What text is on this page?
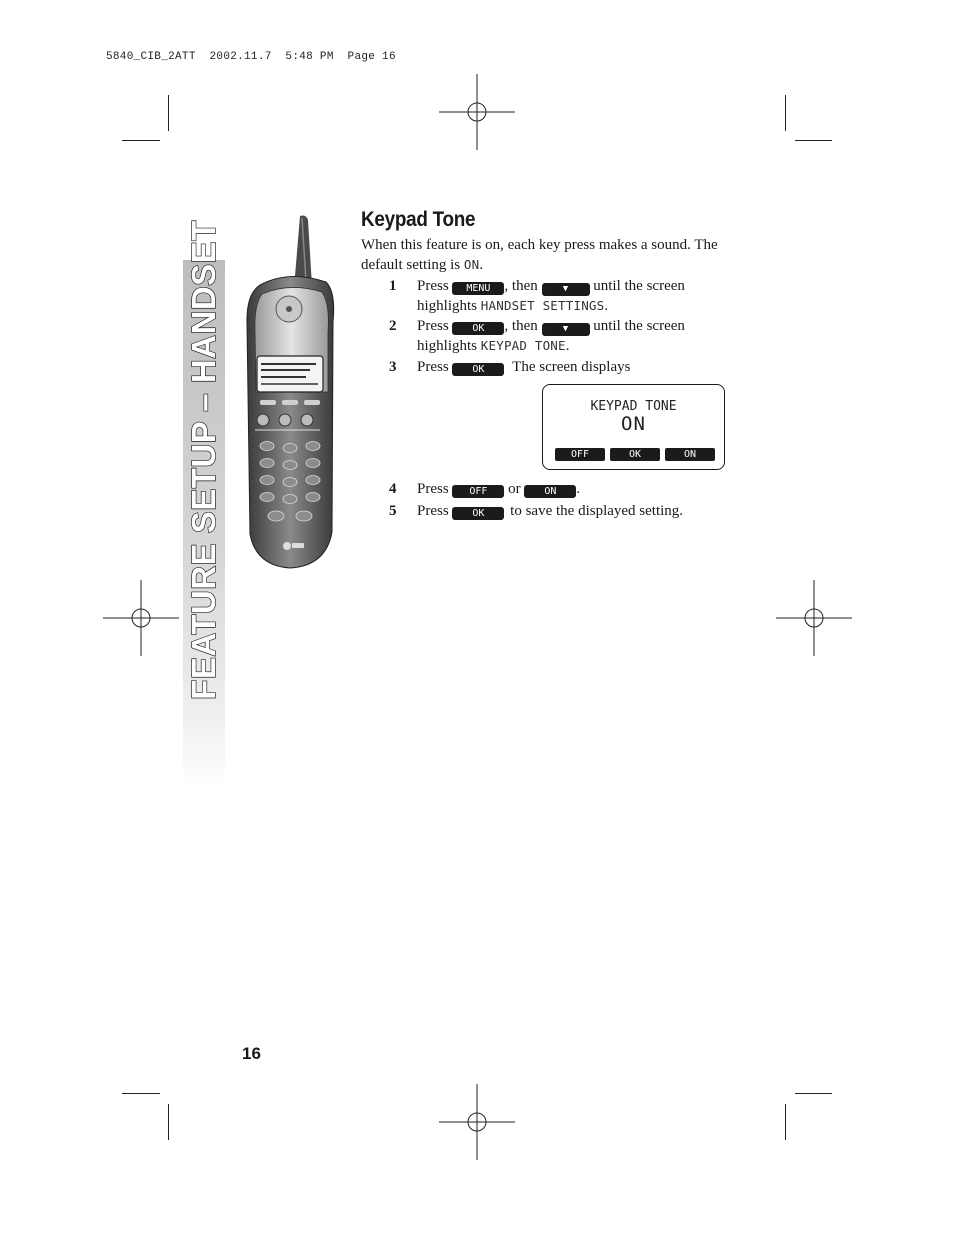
5840_CIB_2ATT  2002.11.7  5:48 PM  Page 16
FEATURE SETUP – HANDSET
Keypad Tone
When this feature is on, each key press makes a sound. The default setting is ON.
1 Press MENU , then	▼ until the screen
highlights HANDSET SETTINGS.
2 Press OK , then	▼ until the screen
highlights KEYPAD TONE.
3 Press OK The screen displays
KEYPAD TONE
ON
OFF	OK	ON
4 Press OFF or ON .
5 Press OK to save the displayed setting.
16
